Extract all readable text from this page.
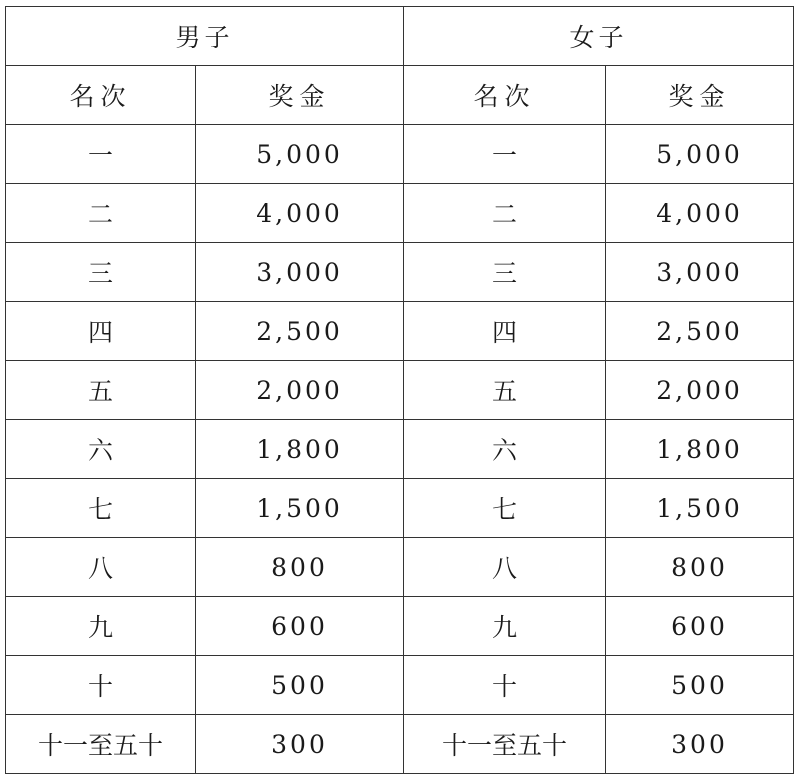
男子		女子	
名次	奖金	名次	奖金
一	5,000	一	5,000
二	4,000	二	4,000
三	3,000	三	3,000
四	2,500	四	2,500
五	2,000	五	2,000
六	1,800	六	1,800
七	1,500	七	1,500
八	800	八	800
九	600	九	600
十	500	十	500
十一至五十	300	十一至五十	300
